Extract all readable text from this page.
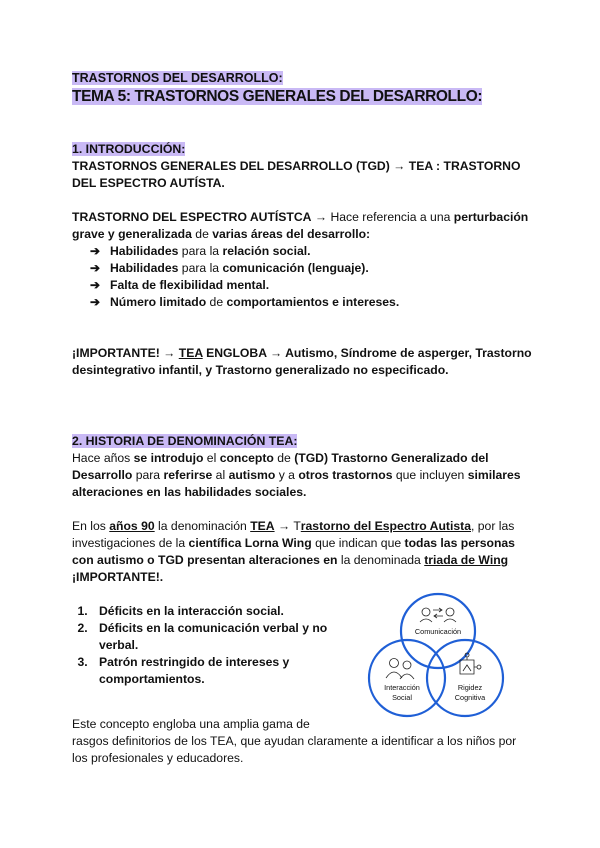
TRASTORNOS DEL DESARROLLO:

TEMA 5: TRASTORNOS GENERALES DEL DESARROLLO:

1. INTRODUCCIÓN:

TRASTORNOS GENERALES DEL DESARROLLO (TGD) → TEA : TRASTORNO DEL ESPECTRO AUTÍSTA.

TRASTORNO DEL ESPECTRO AUTÍSTCA → Hace referencia a una perturbación grave y generalizada de varias áreas del desarrollo:

➔ Habilidades para la relación social.
➔ Habilidades para la comunicación (lenguaje).
➔ Falta de flexibilidad mental.
➔ Número limitado de comportamientos e intereses.

¡IMPORTANTE! → TEA ENGLOBA → Autismo, Síndrome de asperger, Trastorno desintegrativo infantil, y Trastorno generalizado no especificado.

2. HISTORIA DE DENOMINACIÓN TEA:

Hace años se introdujo el concepto de (TGD) Trastorno Generalizado del Desarrollo para referirse al autismo y a otros trastornos que incluyen similares alteraciones en las habilidades sociales.

En los años 90 la denominación TEA → Trastorno del Espectro Autista, por las investigaciones de la científica Lorna Wing que indican que todas las personas con autismo o TGD presentan alteraciones en la denominada triada de Wing
¡IMPORTANTE!.

1. Déficits en la interacción social.
2. Déficits en la comunicación verbal y no verbal.
3. Patrón restringido de intereses y comportamientos.

Este concepto engloba una amplia gama de
rasgos definitorios de los TEA, que ayudan claramente a identificar a los niños por los profesionales y educadores.

Comunicación
Interacción
Social
Rigidez
Cognitiva
